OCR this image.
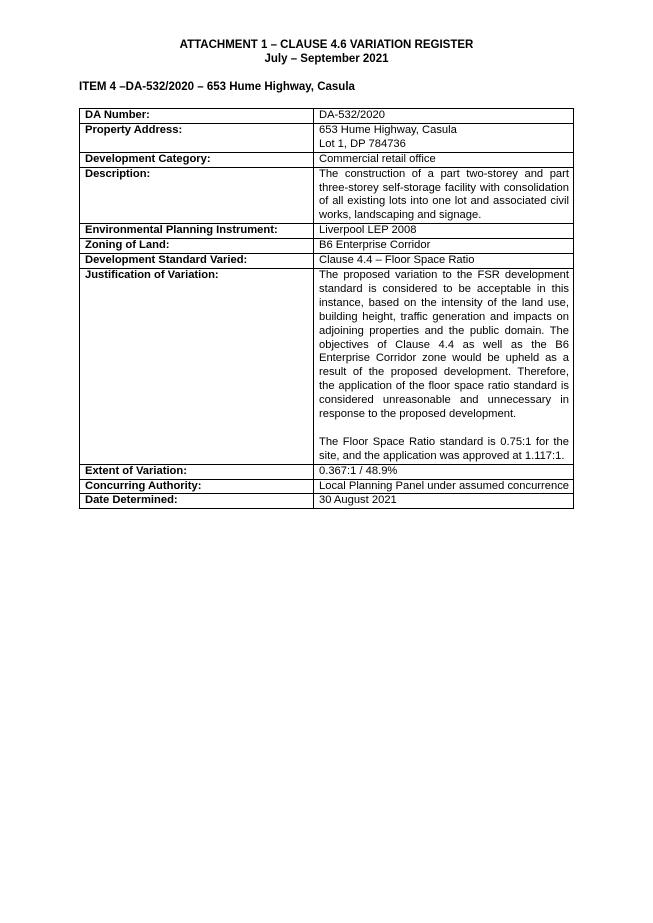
ATTACHMENT 1 – CLAUSE 4.6 VARIATION REGISTER
July – September 2021
ITEM 4 –DA-532/2020 – 653 Hume Highway, Casula
DA Number:	DA-532/2020
Property Address:	653 Hume Highway, Casula
Lot 1, DP 784736

Development Category:	Commercial retail office
Description:	The construction of a part two-storey and part three-storey self-storage facility with consolidation of all existing lots into one lot and associated civil works, landscaping and signage.
Environmental Planning Instrument:	Liverpool LEP 2008
Zoning of Land:	B6 Enterprise Corridor
Development Standard Varied:	Clause 4.4 – Floor Space Ratio
Justification of Variation:	The proposed variation to the FSR development standard is considered to be acceptable in this instance, based on the intensity of the land use, building height, traffic generation and impacts on adjoining properties and the public domain. The objectives of Clause 4.4 as well as the B6 Enterprise Corridor zone would be upheld as a result of the proposed development. Therefore, the application of the floor space ratio standard is considered unreasonable and unnecessary in response to the proposed development.
The Floor Space Ratio standard is 0.75:1 for the site, and the application was approved at 1.117:1.

Extent of Variation:	0.367:1 / 48.9%
Concurring Authority:	Local Planning Panel under assumed concurrence
Date Determined:	30 August 2021
